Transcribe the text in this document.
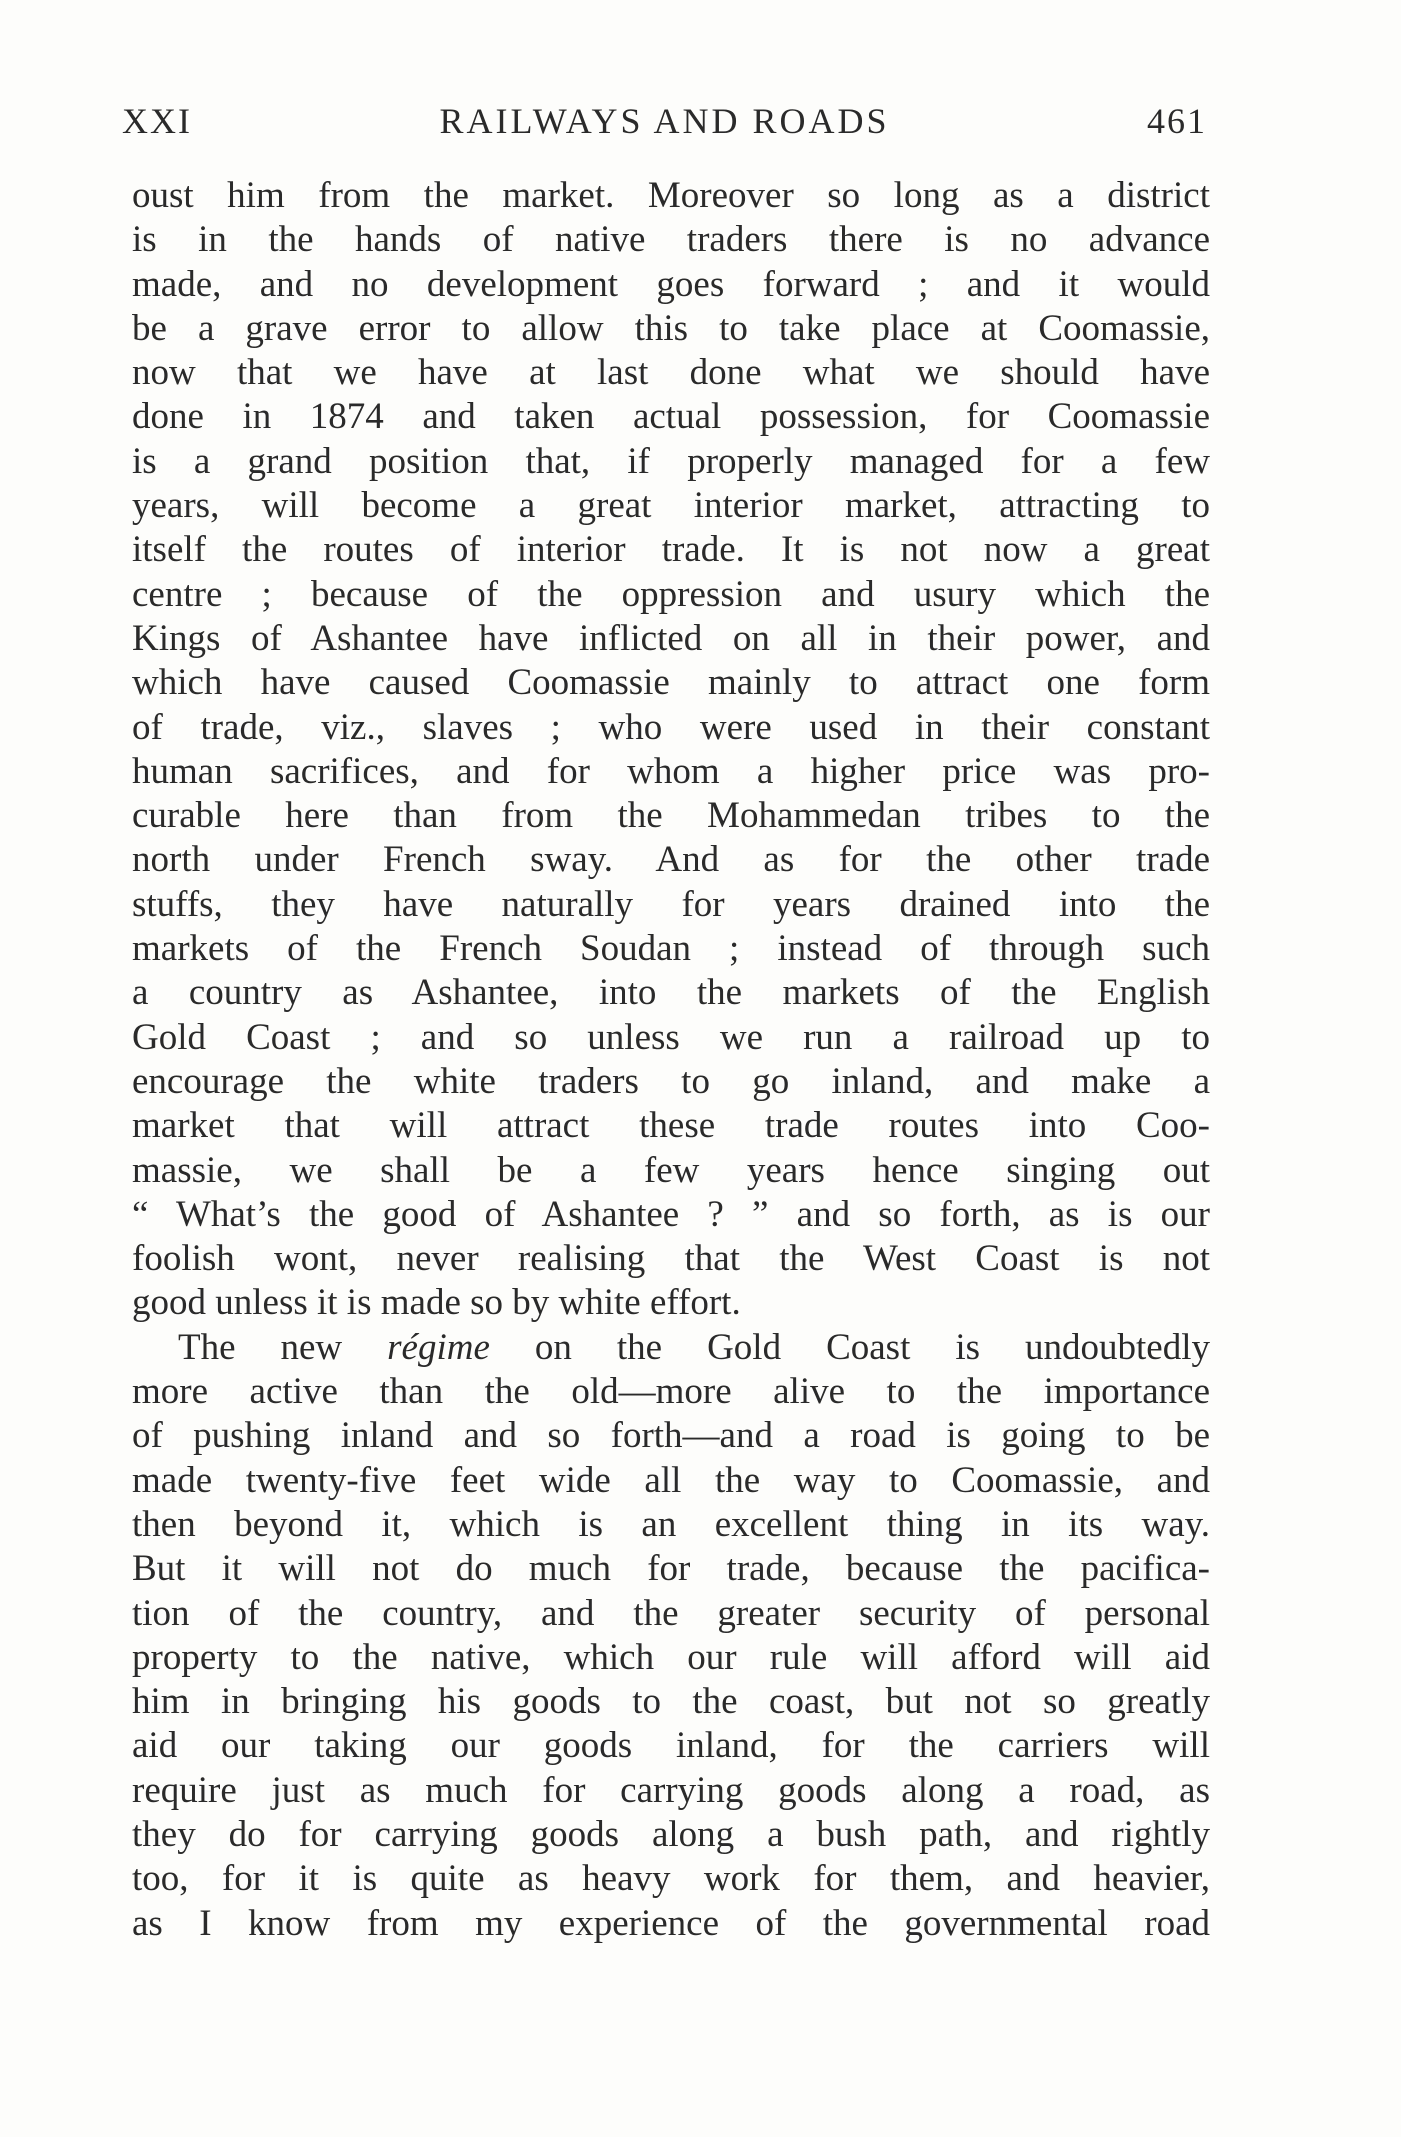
XXI	RAILWAYS AND ROADS	461
oust him from the market. Moreover so long as a district
is in the hands of native traders there is no advance
made, and no development goes forward ; and it would
be a grave error to allow this to take place at Coomassie,
now that we have at last done what we should have
done in 1874 and taken actual possession, for Coomassie
is a grand position that, if properly managed for a few
years, will become a great interior market, attracting to
itself the routes of interior trade. It is not now a great
centre ; because of the oppression and usury which the
Kings of Ashantee have inflicted on all in their power, and
which have caused Coomassie mainly to attract one form
of trade, viz., slaves ; who were used in their constant
human sacrifices, and for whom a higher price was pro-
curable here than from the Mohammedan tribes to the
north under French sway. And as for the other trade
stuffs, they have naturally for years drained into the
markets of the French Soudan ; instead of through such
a country as Ashantee, into the markets of the English
Gold Coast ; and so unless we run a railroad up to
encourage the white traders to go inland, and make a
market that will attract these trade routes into Coo-
massie, we shall be a few years hence singing out
“ What’s the good of Ashantee ? ” and so forth, as is our
foolish wont, never realising that the West Coast is not
good unless it is made so by white effort.
The new régime on the Gold Coast is undoubtedly
more active than the old—more alive to the importance
of pushing inland and so forth—and a road is going to be
made twenty-five feet wide all the way to Coomassie, and
then beyond it, which is an excellent thing in its way.
But it will not do much for trade, because the pacifica-
tion of the country, and the greater security of personal
property to the native, which our rule will afford will aid
him in bringing his goods to the coast, but not so greatly
aid our taking our goods inland, for the carriers will
require just as much for carrying goods along a road, as
they do for carrying goods along a bush path, and rightly
too, for it is quite as heavy work for them, and heavier,
as I know from my experience of the governmental road
